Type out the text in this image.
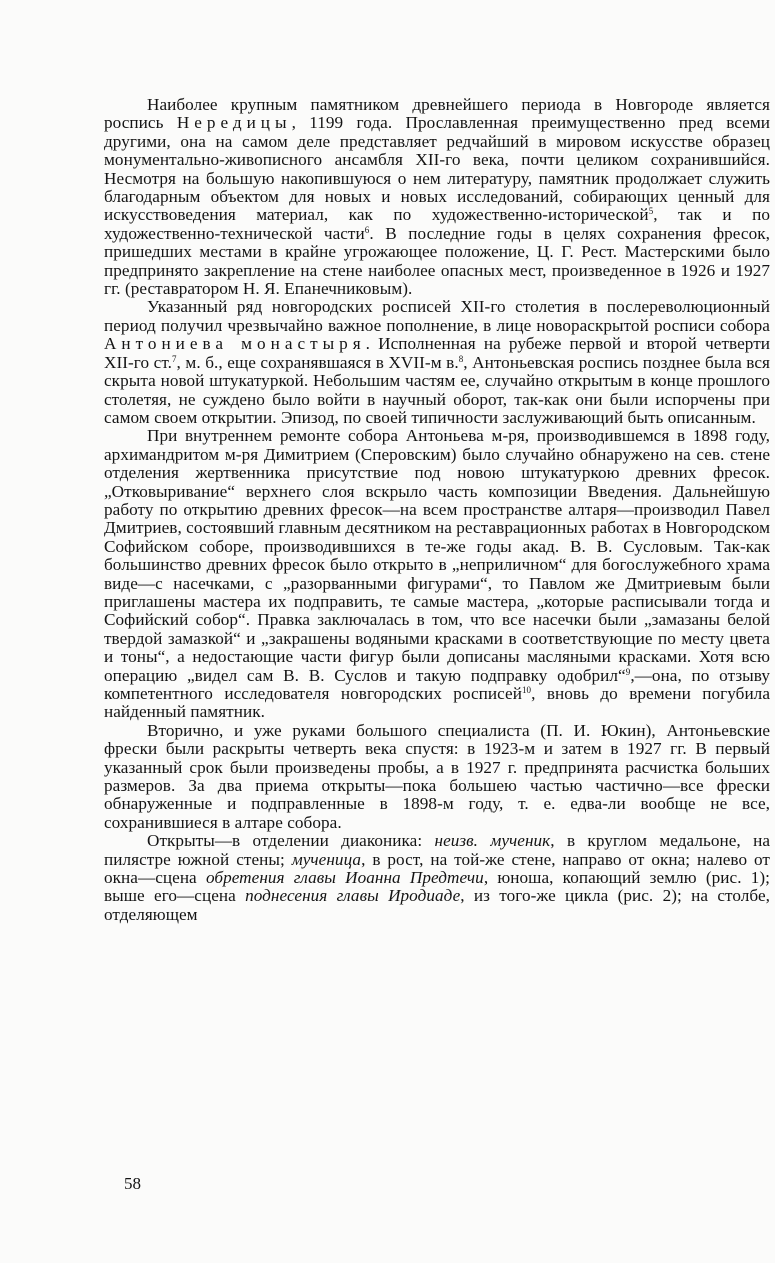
Наиболее крупным памятником древнейшего периода в Новгороде является роспись Нередицы, 1199 года. Прославленная преимущественно пред всеми другими, она на самом деле представляет редчайший в мировом искусстве образец монументально-живописного ансамбля XII-го века, почти целиком сохранившийся. Несмотря на большую накопившуюся о нем литературу, памятник продолжает служить благодарным объектом для новых и новых исследований, собирающих ценный для искусствоведения материал, как по художественно-исторической$^5$, так и по художественно-технической части$^6$. В последние годы в целях сохранения фресок, пришедших местами в крайне угрожающее положение, Ц. Г. Рест. Мастерскими было предпринято закрепление на стене наиболее опасных мест, произведенное в 1926 и 1927 гг. (реставратором Н. Я. Епанечниковым).

Указанный ряд новгородских росписей XII-го столетия в послереволюционный период получил чрезвычайно важное пополнение, в лице новораскрытой росписи собора Антониева монастыря. Исполненная на рубеже первой и второй четверти XII-го ст.$^7$, м. б., еще сохранявшаяся в XVII-м в.$^8$, Антоньевская роспись позднее была вся скрыта новой штукатуркой. Небольшим частям ее, случайно открытым в конце прошлого столетяя, не суждено было войти в научный оборот, так-как они были испорчены при самом своем открытии. Эпизод, по своей типичности заслуживающий быть описанным.

При внутреннем ремонте собора Антоньева м-ря, производившемся в 1898 году, архимандритом м-ря Димитрием (Сперовским) было случайно обнаружено на сев. стене отделения жертвенника присутствие под новою штукатуркою древних фресок. „Отковыривание“ верхнего слоя вскрыло часть композиции Введения. Дальнейшую работу по открытию древних фресок—на всем пространстве алтаря—производил Павел Дмитриев, состоявший главным десятником на реставрационных работах в Новгородском Софийском соборе, производившихся в те-же годы акад. В. В. Сусловым. Так-как большинство древних фресок было открыто в „неприличном“ для богослужебного храма виде—с насечками, с „разорванными фигурами“, то Павлом же Дмитриевым были приглашены мастера их подправить, те самые мастера, „которые расписывали тогда и Софийский собор“. Правка заключалась в том, что все насечки были „замазаны белой твердой замазкой“ и „закрашены водяными красками в соответствующие по месту цвета и тоны“, а недостающие части фигур были дописаны масляными красками. Хотя всю операцию „видел сам В. В. Суслов и такую подправку одобрил“$^9$,—она, по отзыву компетентного исследователя новгородских росписей$^{10}$, вновь до времени погубила найденный памятник.

Вторично, и уже руками большого специалиста (П. И. Юкин), Антоньевские фрески были раскрыты четверть века спустя: в 1923-м и затем в 1927 гг. В первый указанный срок были произведены пробы, а в 1927 г. предпринята расчистка больших размеров. За два приема открыты—пока большею частью частично—все фрески обнаруженные и подправленные в 1898-м году, т. е. едва-ли вообще не все, сохранившиеся в алтаре собора.

Открыты—в отделении диаконика: неизв. мученик, в круглом медальоне, на пилястре южной стены; мученица, в рост, на той-же стене, направо от окна; налево от окна—сцена обретения главы Иоанна Предтечи, юноша, копающий землю (рис. 1); выше его—сцена поднесения главы Иродиаде, из того-же цикла (рис. 2); на столбе, отделяющем

58
